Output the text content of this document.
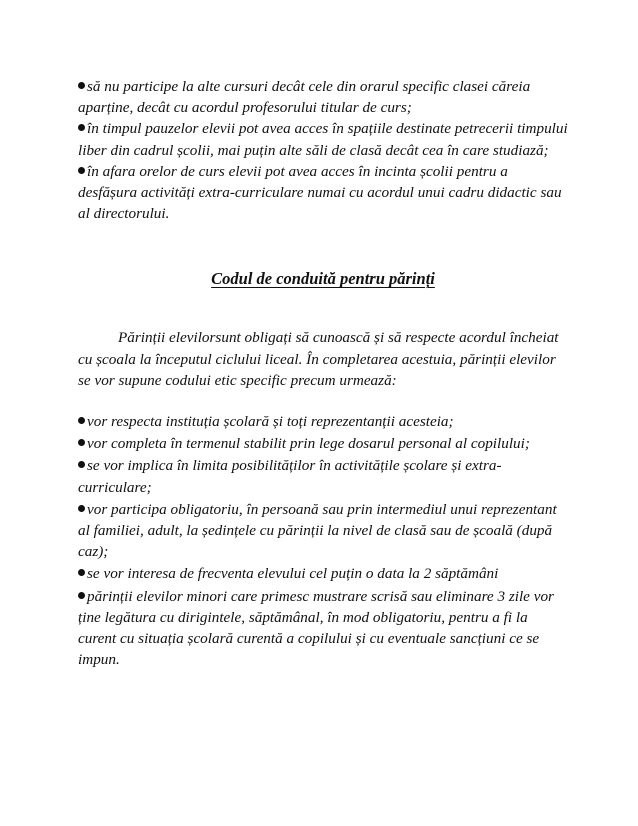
să nu participe la alte cursuri decât cele din orarul specific clasei căreia aparține, decât cu acordul profesorului titular de curs;

în timpul pauzelor elevii pot avea acces în spațiile destinate petrecerii timpului liber din cadrul școlii, mai puțin alte săli de clasă decât cea în care studiază;

în afara orelor de curs elevii pot avea acces în incinta școlii pentru a desfășura activități extra-curriculare numai cu acordul unui cadru didactic sau al directorului.

Codul de conduită pentru părinți

Părinții elevilorsunt obligați să cunoască și să respecte acordul încheiat cu școala la începutul ciclului liceal. În completarea acestuia, părinții elevilor se vor supune codului etic specific precum urmează:

vor respecta instituția școlară și toți reprezentanții acesteia;

vor completa în termenul stabilit prin lege dosarul personal al copilului;

se vor implica în limita posibilităților în activitățile școlare și extra-curriculare;

vor participa obligatoriu, în persoană sau prin intermediul unui reprezentant al familiei, adult, la ședințele cu părinții la nivel de clasă sau de școală (după caz);

se vor interesa de frecventa elevului cel puțin o data la 2 săptămâni

părinții elevilor minori care primesc mustrare scrisă sau eliminare 3 zile vor ține legătura cu dirigintele, săptămânal, în mod obligatoriu, pentru a fi la curent cu situația școlară curentă a copilului și cu eventuale sancțiuni ce se impun.
